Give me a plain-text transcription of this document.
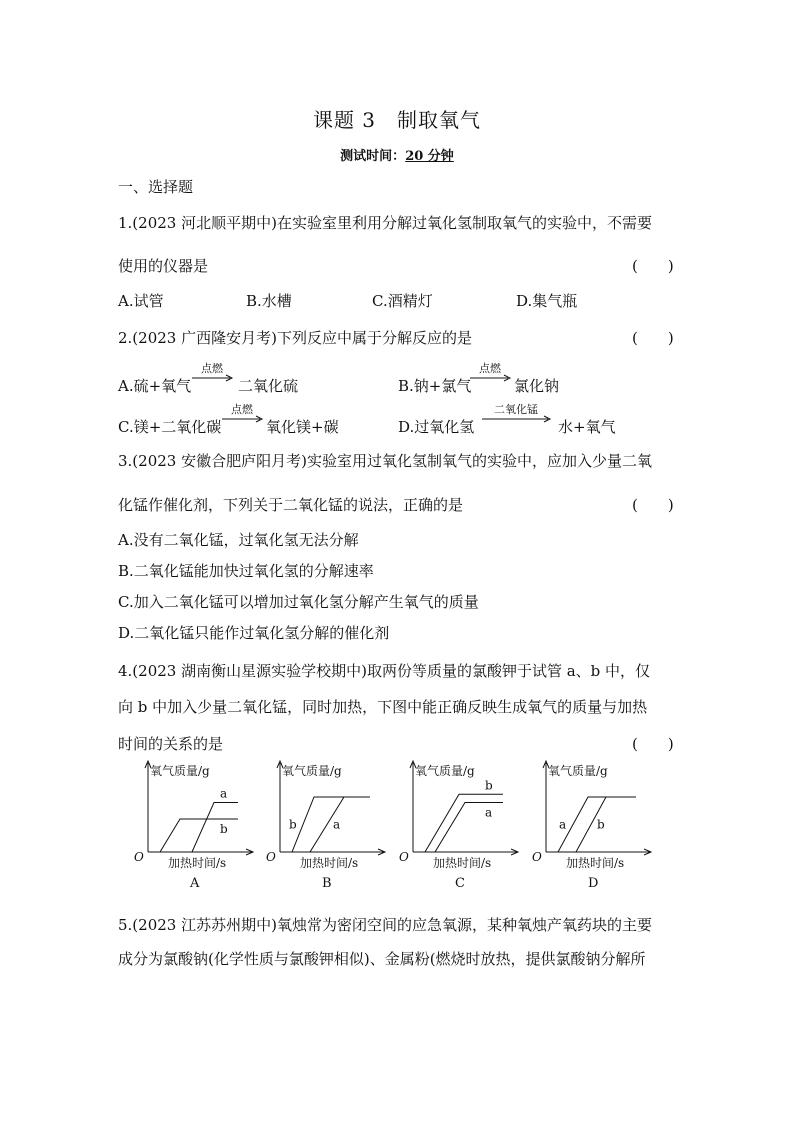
课题 3　制取氧气
测试时间：20 分钟
一、选择题
1.(2023 河北顺平期中)在实验室里利用分解过氧化氢制取氧气的实验中，不需要
使用的仪器是	(　　)
A.试管	B.水槽	C.酒精灯	D.集气瓶
2.(2023 广西隆安月考)下列反应中属于分解反应的是	(　　)
A.硫+氧气
点燃
二氧化硫	B.钠+氯气
点燃
氯化钠
C.镁+二氧化碳
点燃
氧化镁+碳	D.过氧化氢
二氧化锰
水+氧气
3.(2023 安徽合肥庐阳月考)实验室用过氧化氢制氧气的实验中，应加入少量二氧
化锰作催化剂，下列关于二氧化锰的说法，正确的是	(　　)
A.没有二氧化锰，过氧化氢无法分解
B.二氧化锰能加快过氧化氢的分解速率
C.加入二氧化锰可以增加过氧化氢分解产生氧气的质量
D.二氧化锰只能作过氧化氢分解的催化剂
4.(2023 湖南衡山星源实验学校期中)取两份等质量的氯酸钾于试管 a、b 中，仅
向 b 中加入少量二氧化锰，同时加热，下图中能正确反映生成氧气的质量与加热
时间的关系的是	(　　)
氧气质量/g
加热时间/s
O
A
a
b
氧气质量/g
加热时间/s
O
B
b	a
氧气质量/g
加热时间/s
O
C
b
a
氧气质量/g
加热时间/s
O
D
a	b
5.(2023 江苏苏州期中)氧烛常为密闭空间的应急氧源，某种氧烛产氧药块的主要
成分为氯酸钠(化学性质与氯酸钾相似)、金属粉(燃烧时放热，提供氯酸钠分解所
